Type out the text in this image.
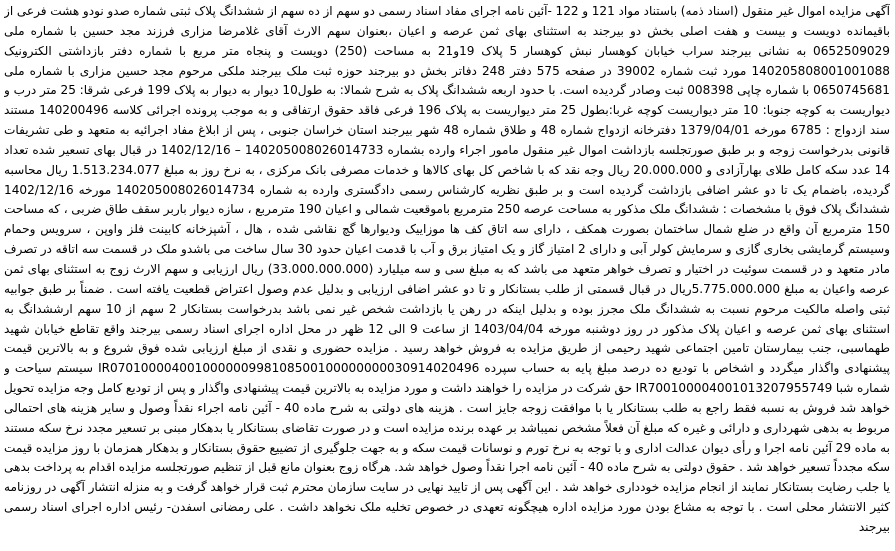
آگهی مزایده اموال غیر منقول (اسناد ذمه) باستناد مواد 121 و 122 -آئین نامه اجرای مفاد اسناد رسمی دو سهم از ده سهم از ششدانگ پلاک ثبتی شماره صدو نودو هشت فرعی از باقیمانده دویست و بیست و هفت اصلی بخش دو بیرجند به استثنای بهای ثمن عرصه و اعیان ،بعنوان سهم الارث آقای غلامرضا مزاری فرزند مجد حسین با شماره ملی 0652509029 به نشانی بیرجند سراب خیابان کوهسار نبش کوهسار 5 پلاک 19و21 به مساحت (250) دویست و پنجاه متر مربع با شماره دفتر بازداشتی الکترونیک 140205808001001088 مورد ثبت شماره 39002 در صفحه 575 دفتر 248 دفاتر بخش دو بیرجند حوزه ثبت ملک بیرجند ملکی مرحوم مجد حسین مزاری با شماره ملی 0650745681 با شماره چاپی 008398 ثبت وصادر گردیده است. با حدود اربعه ششدانگ پلاک به شرح شمالا: به طول10 دیوار به دیوار به پلاک 199 فرعی شرقا: 25 متر درب و دیواریست به کوچه جنوبا: 10 متر دیواریست کوچه غربا:بطول 25 متر دیواریست به پلاک 196 فرعی فاقد حقوق ارتفاقی و به موجب پرونده اجرائی کلاسه 140200496 مستند سند ازدواج : 6785 مورخه 1379/04/01 دفترخانه ازدواج شماره 48 و طلاق شماره 48 شهر بیرجند استان خراسان جنوبی ، پس از ابلاغ مفاد اجرائیه به متعهد و طی تشریفات قانونی بدرخواست زوجه و بر طبق صورتجلسه بازداشت اموال غیر منقول مامور اجراء وارده بشماره 140205008026014733 – 1402/12/16 در قبال بهای تسعیر شده تعداد 14 عدد سکه کامل طلای بهارآزادی و 20.000.000 ریال وجه نقد که با شاخص کل بهای کالاها و خدمات مصرفی بانک مرکزی ، به نرخ روز به مبلغ 1.513.234.077 ریال محاسبه گردیده، باضمام یک تا دو عشر اضافی بازداشت گردیده است و بر طبق نظریه کارشناس رسمی دادگستری وارده به شماره 140205008026014734 مورخه 1402/12/16 ششدانگ پلاک فوق با مشخصات : ششدانگ ملک مذکور به مساحت عرصه 250 مترمربع باموقعیت شمالی و اعیان 190 مترمربع ، سازه دیوار باربر سقف طاق ضربی ، که مساحت 150 مترمربع آن واقع در ضلع شمال ساختمان بصورت همکف ، دارای سه اتاق کف ها موزاییک ودیوارها گچ نقاشی شده ، هال ، آشپزخانه کابینت فلز واوپن ، سرویس وحمام وسیستم گرمایشی بخاری گازی و سرمایش کولر آبی و دارای 2 امتیاز گاز و یک امتیاز برق و آب با قدمت اعیان حدود 30 سال ساخت می باشدو ملک در قسمت سه اتاقه در تصرف مادر متعهد و در قسمت سوئیت در اختیار و تصرف خواهر متعهد می باشد که به مبلغ سی و سه میلیارد (33.000.000.000) ریال ارزیابی و سهم الارث زوج به استثنای بهای ثمن عرصه واعیان به مبلغ 5.775.000.000ریال در قبال قسمتی از طلب بستانکار و تا دو عشر اضافی ارزیابی و بدلیل عدم وصول اعتراض قطعیت یافته است . ضمناً بر طبق جوابیه ثبتی واصله مالکیت مرحوم نسبت به ششدانگ ملک مجرز بوده و بدلیل اینکه در رهن یا بازداشت شخص غیر نمی باشد بدرخواست بستانکار 2 سهم از 10 سهم ارششدانگ به استثنای بهای ثمن عرصه و اعیان پلاک مذکور در روز دوشنبه مورخه 1403/04/04 از ساعت 9 الی 12 ظهر در محل اداره اجرای اسناد رسمی بیرجند واقع تقاطع خیابان شهید طهماسبی، جنب بیمارستان تامین اجتماعی شهید رحیمی از طریق مزایده به فروش خواهد رسید . مزایده حضوری و نقدی از مبلغ ارزیابی شده فوق شروع و به بالاترین قیمت پیشنهادی واگذار میگردد و اشخاص با تودیع ده درصد مبلغ پایه به حساب سپرده IR070100004001000000998108500100000000030914020496 سیستم سیاحت و شماره شبا IR700100004001013207955749 حق شرکت در مزایده را خواهند داشت و مورد مزایده به بالاترین قیمت پیشنهادی واگذار و پس از تودیع کامل وجه مزایده تحویل خواهد شد فروش به نسبه فقط راجع به طلب بستانکار یا با موافقت زوجه جایز است . هزینه های دولتی به شرح ماده 40 - آئین نامه اجراء نقداً وصول و سایر هزینه های احتمالی مربوط به بدهی شهرداری و دارائی و غیره که مبلغ آن فعلاً مشخص نمیباشد بر عهده برنده مزایده است و در صورت تقاضای بستانکار یا بدهکار مبنی بر تسعیر مجدد نرخ سکه مستند به ماده 29 آئین نامه اجرا و رأی دیوان عدالت اداری و با توجه به نرخ تورم و نوسانات قیمت سکه و به جهت جلوگیری از تضییع حقوق بستانکار و بدهکار همزمان با روز مزایده قیمت سکه مجدداً تسعیر خواهد شد . حقوق دولتی به شرح ماده 40 - آئین نامه اجرا نقداً وصول خواهد شد. هرگاه زوج بعنوان مانع قبل از تنظیم صورتجلسه مزایده اقدام به پرداخت بدهی یا جلب رضایت بستانکار نمایند از انجام مزایده خودداری خواهد شد . این آگهی پس از تایید نهایی در سایت سازمان محترم ثبت قرار خواهد گرفت و به منزله انتشار آگهی در روزنامه کثیر الانتشار محلی است . با توجه به مشاع بودن مورد مزایده اداره هیچگونه تعهدی در خصوص تخلیه ملک نخواهد داشت . علی رمضانی اسفدن- رئیس اداره اجرای اسناد رسمی بیرجند
